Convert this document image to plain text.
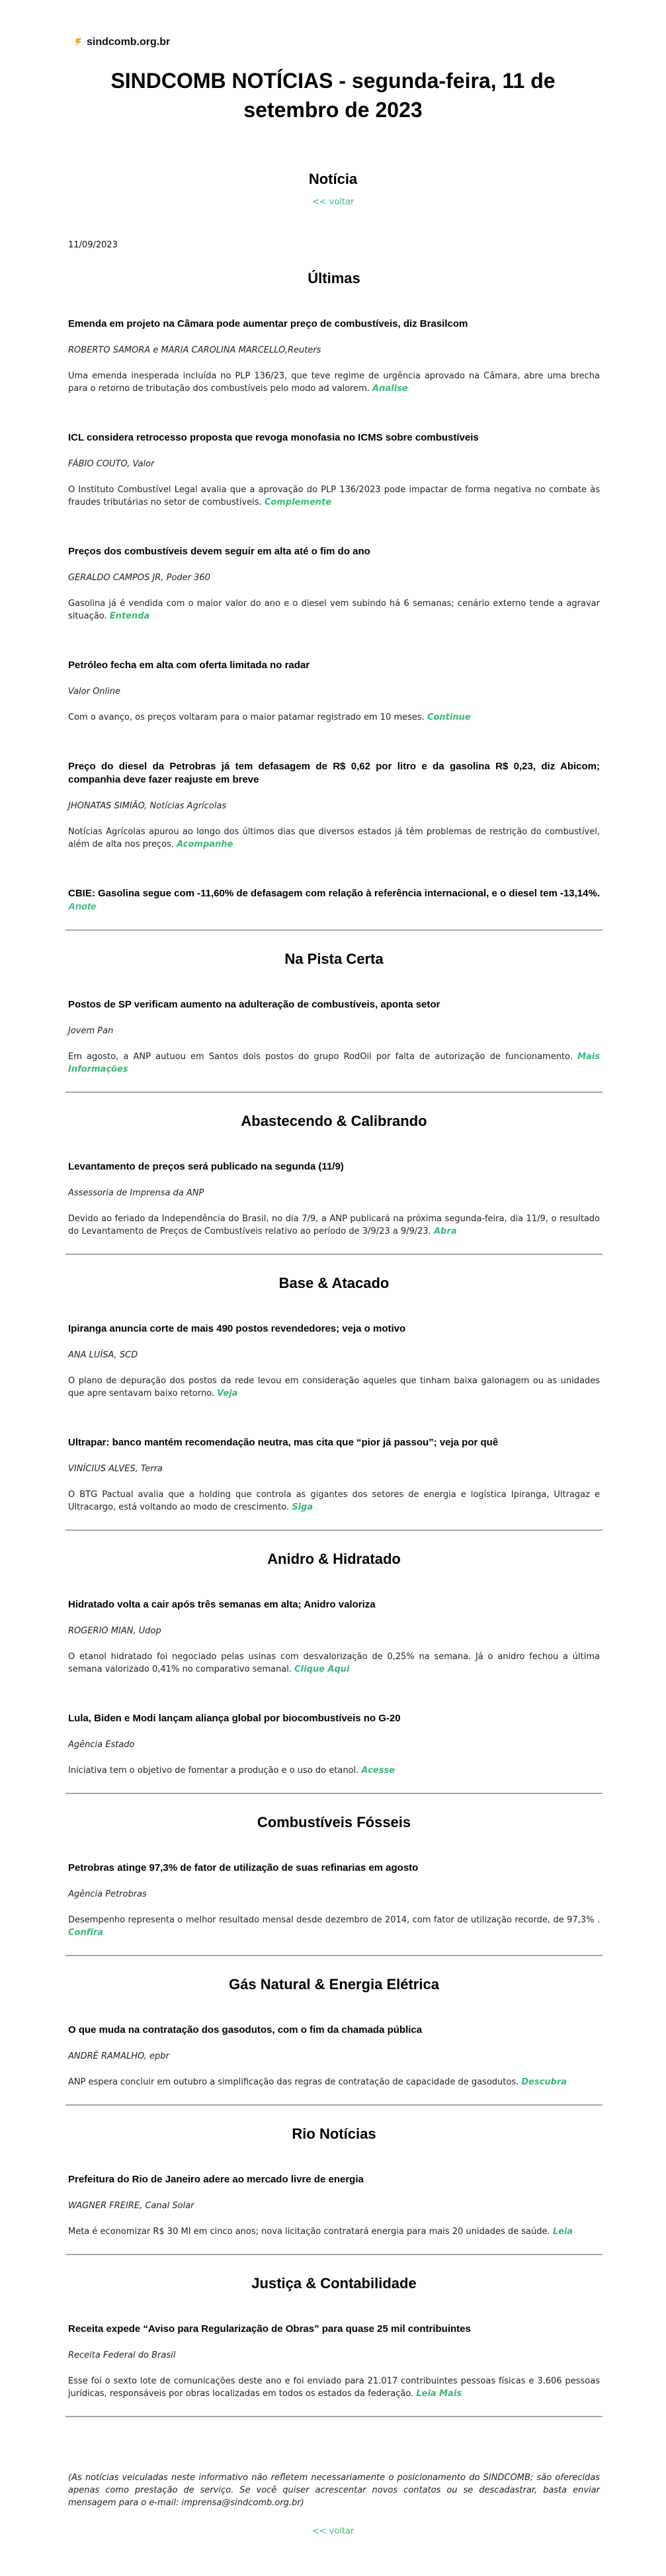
sindcomb.org.br
SINDCOMB NOTÍCIAS - segunda-feira, 11 de setembro de 2023
Notícia
<< voltar
11/09/2023
Últimas

Emenda em projeto na Câmara pode aumentar preço de combustíveis, diz Brasilcom

ROBERTO SAMORA e MARIA CAROLINA MARCELLO,Reuters
Uma emenda inesperada incluída no PLP 136/23, que teve regime de urgência aprovado na Câmara, abre uma brecha para o retorno de tributação dos combustíveis pelo modo ad valorem. Analise

ICL considera retrocesso proposta que revoga monofasia no ICMS sobre combustíveis

FÁBIO COUTO, Valor
O Instituto Combustível Legal avalia que a aprovação do PLP 136/2023 pode impactar de forma negativa no combate às fraudes tributárias no setor de combustíveis. Complemente

Preços dos combustíveis devem seguir em alta até o fim do ano

GERALDO CAMPOS JR, Poder 360
Gasolina já é vendida com o maior valor do ano e o diesel vem subindo há 6 semanas; cenário externo tende a agravar situação. Entenda

Petróleo fecha em alta com oferta limitada no radar

Valor Online
Com o avanço, os preços voltaram para o maior patamar registrado em 10 meses. Continue

Preço do diesel da Petrobras já tem defasagem de R$ 0,62 por litro e da gasolina R$ 0,23, diz Abicom; companhia deve fazer reajuste em breve

JHONATAS SIMIÃO, Notícias Agrícolas
Notícias Agrícolas apurou ao longo dos últimos dias que diversos estados já têm problemas de restrição do combustível, além de alta nos preços. Acompanhe

CBIE: Gasolina segue com -11,60% de defasagem com relação à referência internacional, e o diesel tem -13,14%. Anote

Na Pista Certa

Postos de SP verificam aumento na adulteração de combustíveis, aponta setor

Jovem Pan
Em agosto, a ANP autuou em Santos dois postos do grupo RodOil por falta de autorização de funcionamento. Mais Informações
Abastecendo & Calibrando

Levantamento de preços será publicado na segunda (11/9)

Assessoria de Imprensa da ANP
Devido ao feriado da Independência do Brasil, no dia 7/9, a ANP publicará na próxima segunda-feira, dia 11/9, o resultado do Levantamento de Preços de Combustíveis relativo ao período de 3/9/23 a 9/9/23. Abra
Base & Atacado

Ipiranga anuncia corte de mais 490 postos revendedores; veja o motivo

ANA LUÍSA, SCD
O plano de depuração dos postos da rede levou em consideração aqueles que tinham baixa galonagem ou as unidades que apre sentavam baixo retorno. Veja

Ultrapar: banco mantém recomendação neutra, mas cita que “pior já passou”; veja por quê

VINÍCIUS ALVES, Terra
O BTG Pactual avalia que a holding que controla as gigantes dos setores de energia e logística Ipiranga, Ultragaz e Ultracargo, está voltando ao modo de crescimento. Siga
Anidro & Hidratado

Hidratado volta a cair após três semanas em alta; Anidro valoriza

ROGERIO MIAN, Udop
O etanol hidratado foi negociado pelas usinas com desvalorização de 0,25% na semana. Já o anidro fechou a última semana valorizado 0,41% no comparativo semanal. Clique Aqui

Lula, Biden e Modi lançam aliança global por biocombustíveis no G-20

Agência Estado
Iniciativa tem o objetivo de fomentar a produção e o uso do etanol. Acesse
Combustíveis Fósseis

Petrobras atinge 97,3% de fator de utilização de suas refinarias em agosto

Agência Petrobras
Desempenho representa o melhor resultado mensal desde dezembro de 2014, com fator de utilização recorde, de 97,3% . Confira
Gás Natural & Energia Elétrica

O que muda na contratação dos gasodutos, com o fim da chamada pública

ANDRÉ RAMALHO, epbr
ANP espera concluir em outubro a simplificação das regras de contratação de capacidade de gasodutos. Descubra
Rio Notícias

Prefeitura do Rio de Janeiro adere ao mercado livre de energia

WAGNER FREIRE, Canal Solar
Meta é economizar R$ 30 MI em cinco anos; nova licitação contratará energia para mais 20 unidades de saúde. Leia
Justiça & Contabilidade

Receita expede “Aviso para Regularização de Obras” para quase 25 mil contribuintes

Receita Federal do Brasil
Esse foi o sexto lote de comunicações deste ano e foi enviado para 21.017 contribuintes pessoas físicas e 3.606 pessoas jurídicas, responsáveis por obras localizadas em todos os estados da federação. Leia Mais
(As notícias veiculadas neste informativo não refletem necessariamente o posicionamento do SINDCOMB; são oferecidas apenas como prestação de serviço. Se você quiser acrescentar novos contatos ou se descadastrar, basta enviar mensagem para o e-mail: imprensa@sindcomb.org.br)
<< voltar
